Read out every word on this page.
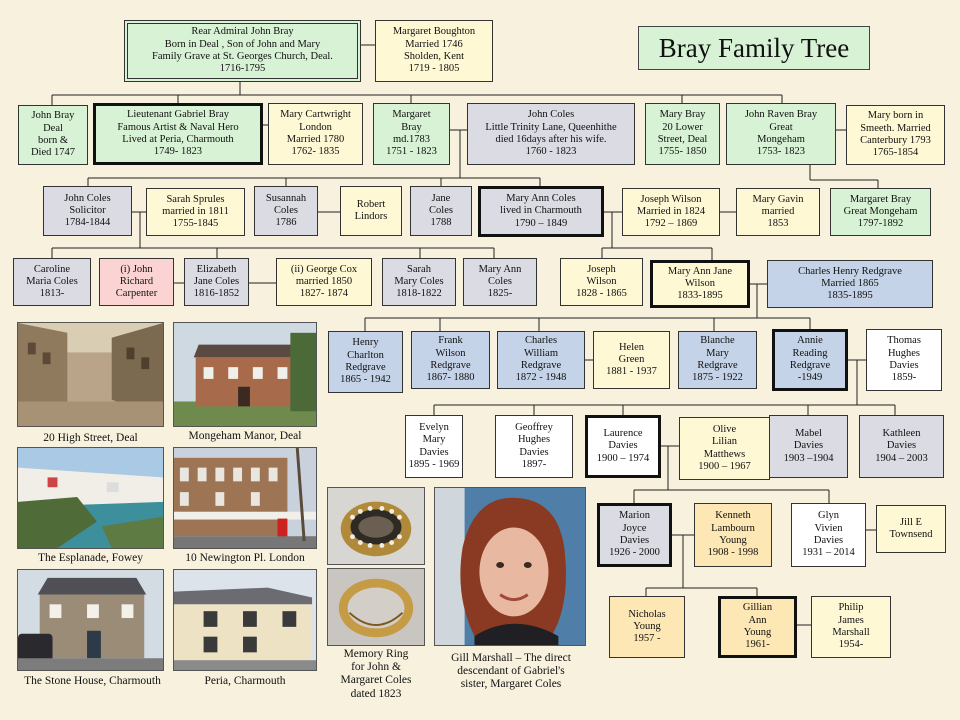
Bray Family Tree
Rear Admiral John Bray
Born in Deal , Son of John and Mary
Family Grave at St. Georges Church, Deal.
1716-1795
Margaret Boughton
Married 1746
Sholden, Kent
1719 - 1805
John Bray
Deal
born &
Died 1747
Lieutenant Gabriel Bray
Famous Artist & Naval Hero
Lived at Peria, Charmouth
1749- 1823
Mary Cartwright
London
Married 1780
1762- 1835
Margaret
Bray
md.1783
1751 - 1823
John Coles
Little Trinity Lane, Queenhithe
died 16days after his wife.
1760 - 1823
Mary Bray
20 Lower
Street, Deal
1755- 1850
John Raven Bray
Great
Mongeham
1753- 1823
Mary born in
Smeeth. Married
Canterbury 1793
1765-1854
John Coles
Solicitor
1784-1844
Sarah Sprules
married in 1811
1755-1845
Susannah
Coles
1786
Robert
Lindors
Jane
Coles
1788
Mary Ann Coles
lived in Charmouth
1790 – 1849
Joseph Wilson
Married in 1824
1792 – 1869
Mary Gavin
married
1853
Margaret Bray
Great Mongeham
1797-1892
Caroline
Maria Coles
1813-
(i) John
Richard
Carpenter
Elizabeth
Jane Coles
1816-1852
(ii) George Cox
married 1850
1827- 1874
Sarah
Mary Coles
1818-1822
Mary Ann
Coles
1825-
Joseph
Wilson
1828 - 1865
Mary Ann Jane
Wilson
1833-1895
Charles Henry Redgrave
Married 1865
1835-1895
Henry
Charlton
Redgrave
1865 - 1942
Frank
Wilson
Redgrave
1867- 1880
Charles
William
Redgrave
1872 - 1948
Helen
Green
1881 - 1937
Blanche
Mary
Redgrave
1875 - 1922
Annie
Reading
Redgrave
-1949
Thomas
Hughes
Davies
1859-
Evelyn
Mary
Davies
1895 - 1969
Geoffrey
Hughes
Davies
1897-
Laurence
Davies
1900 – 1974
Olive
Lilian
Matthews
1900 – 1967
Mabel
Davies
1903 –1904
Kathleen
Davies
1904 – 2003
Marion
Joyce
Davies
1926 - 2000
Kenneth
Lambourn
Young
1908 - 1998
Glyn
Vivien
Davies
1931 – 2014
Jill E
Townsend
Nicholas
Young
1957 -
Gillian
Ann
Young
1961-
Philip
James
Marshall
1954-
20 High Street, Deal	Mongeham Manor, Deal
The Esplanade, Fowey	10 Newington Pl. London
The Stone House, Charmouth	Peria, Charmouth
Memory Ring
for John &
Margaret Coles
dated 1823
Gill Marshall – The direct
descendant of Gabriel's
sister, Margaret Coles
